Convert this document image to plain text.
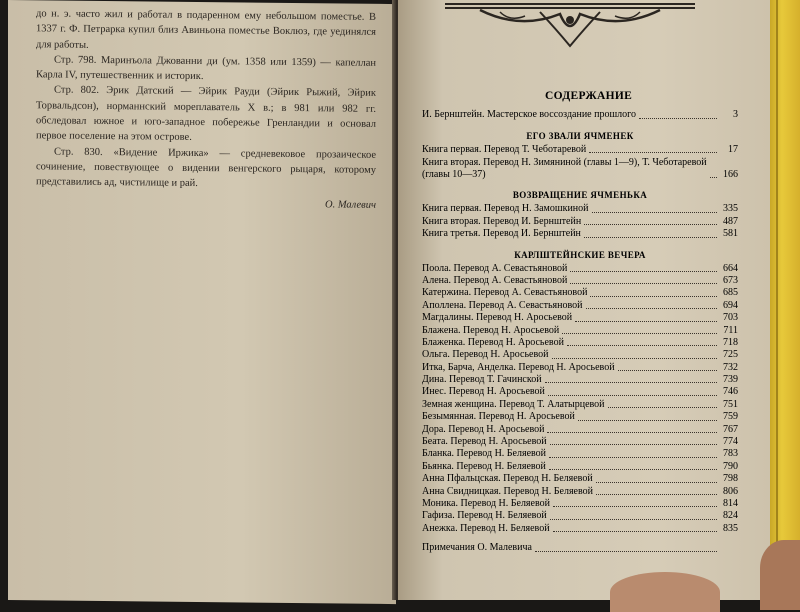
до н. э. часто жил и работал в подаренном ему небольшом поместье. В 1337 г. Ф. Петрарка купил близ Авиньона поместье Воклюз, где уединялся для работы.

Стр. 798. Маринъола Джованни ди (ум. 1358 или 1359) — капеллан Карла IV, путешественник и историк.

Стр. 802. Эрик Датский — Эйрик Рауди (Эйрик Рыжий, Эйрик Торвальдсон), норманнский мореплаватель X в.; в 981 или 982 гг. обследовал южное и юго-западное побережье Гренландии и основал первое поселение на этом острове.

Стр. 830. «Видение Иржика» — средневековое прозаическое сочинение, повествующее о видении венгерского рыцаря, которому представились ад, чистилище и рай.

О. Малевич

СОДЕРЖАНИЕ
И. Бернштейн. Мастерское воссоздание прошлого	3
ЕГО ЗВАЛИ ЯЧМЕНЕК
Книга первая. Перевод Т. Чеботаревой	17
Книга вторая. Перевод Н. Зимяниной (главы 1—9), Т. Чеботаревой (главы 10—37)	166
ВОЗВРАЩЕНИЕ ЯЧМЕНЬКА
Книга первая. Перевод Н. Замошкиной	335
Книга вторая. Перевод И. Бернштейн	487
Книга третья. Перевод И. Бернштейн	581
КАРЛШТЕЙНСКИЕ ВЕЧЕРА
Поола. Перевод А. Севастьяновой	664
Алена. Перевод А. Севастьяновой	673
Катержина. Перевод А. Севастьяновой	685
Аполлена. Перевод А. Севастьяновой	694
Магдалины. Перевод Н. Аросьевой	703
Блажена. Перевод Н. Аросьевой	711
Блаженка. Перевод Н. Аросьевой	718
Ольга. Перевод Н. Аросьевой	725
Итка, Барча, Анделка. Перевод Н. Аросьевой	732
Дина. Перевод Т. Гачинской	739
Инес. Перевод Н. Аросьевой	746
Земная женщина. Перевод Т. Алатырцевой	751
Безымянная. Перевод Н. Аросьевой	759
Дора. Перевод Н. Аросьевой	767
Беата. Перевод Н. Аросьевой	774
Бланка. Перевод Н. Беляевой	783
Бьянка. Перевод Н. Беляевой	790
Анна Пфальцская. Перевод Н. Беляевой	798
Анна Свидницкая. Перевод Н. Беляевой	806
Моника. Перевод Н. Беляевой	814
Гафиза. Перевод Н. Беляевой	824
Анежка. Перевод Н. Беляевой	835
Примечания О. Малевича
